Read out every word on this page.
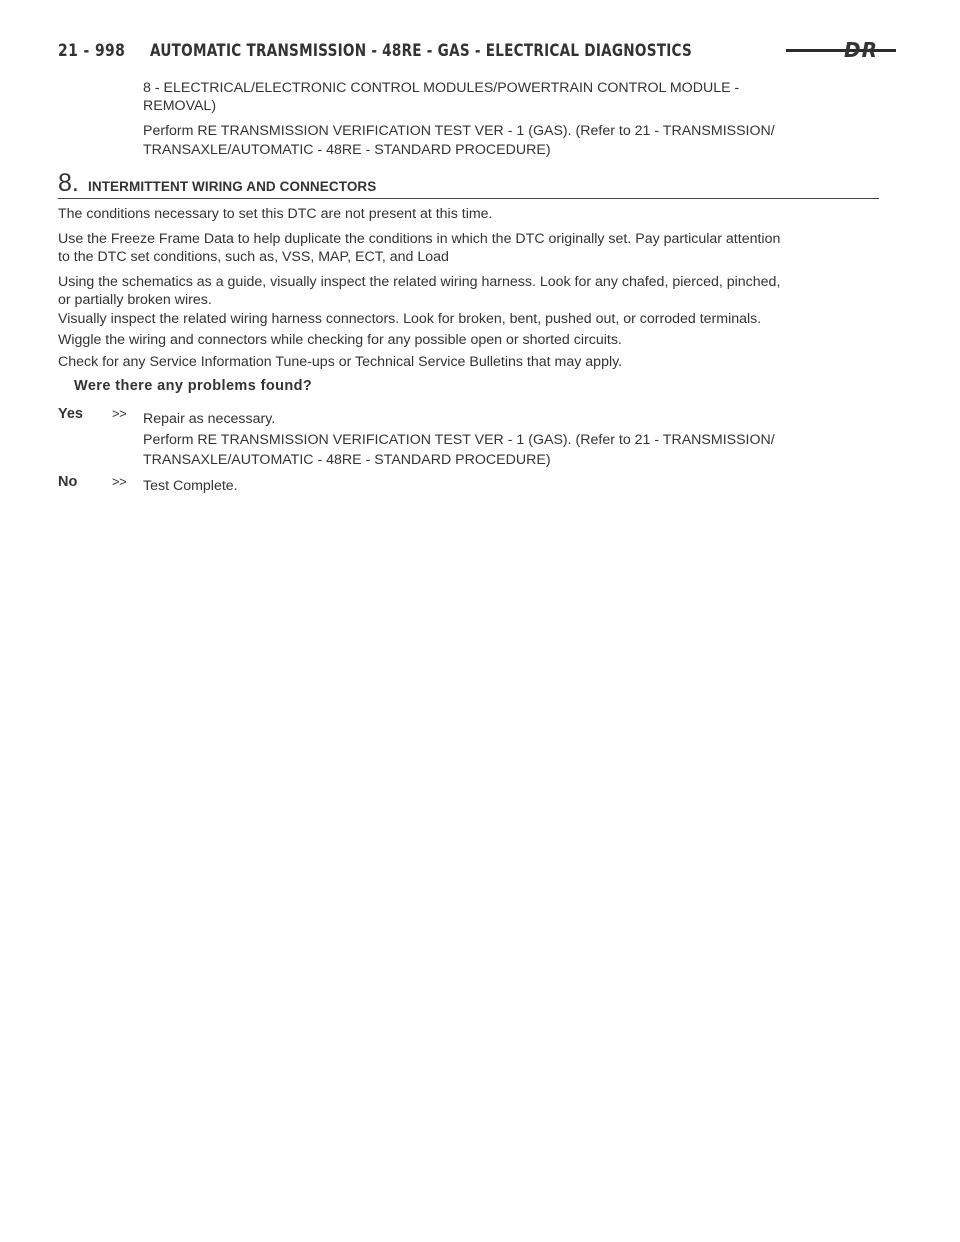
21 - 998 AUTOMATIC TRANSMISSION - 48RE - GAS - ELECTRICAL DIAGNOSTICS	DR

8 - ELECTRICAL/ELECTRONIC CONTROL MODULES/POWERTRAIN CONTROL MODULE -

REMOVAL)

Perform RE TRANSMISSION VERIFICATION TEST VER - 1 (GAS). (Refer to 21 - TRANSMISSION/

TRANSAXLE/AUTOMATIC - 48RE - STANDARD PROCEDURE)

8. INTERMITTENT WIRING AND CONNECTORS

The conditions necessary to set this DTC are not present at this time.

Use the Freeze Frame Data to help duplicate the conditions in which the DTC originally set. Pay particular attention

to the DTC set conditions, such as, VSS, MAP, ECT, and Load

Using the schematics as a guide, visually inspect the related wiring harness. Look for any chafed, pierced, pinched,

or partially broken wires.

Visually inspect the related wiring harness connectors. Look for broken, bent, pushed out, or corroded terminals.

Wiggle the wiring and connectors while checking for any possible open or shorted circuits.

Check for any Service Information Tune-ups or Technical Service Bulletins that may apply.

Were there any problems found?
Yes >> Repair as necessary.

Perform RE TRANSMISSION VERIFICATION TEST VER - 1 (GAS). (Refer to 21 - TRANSMISSION/

TRANSAXLE/AUTOMATIC - 48RE - STANDARD PROCEDURE)

No	>> Test Complete.
